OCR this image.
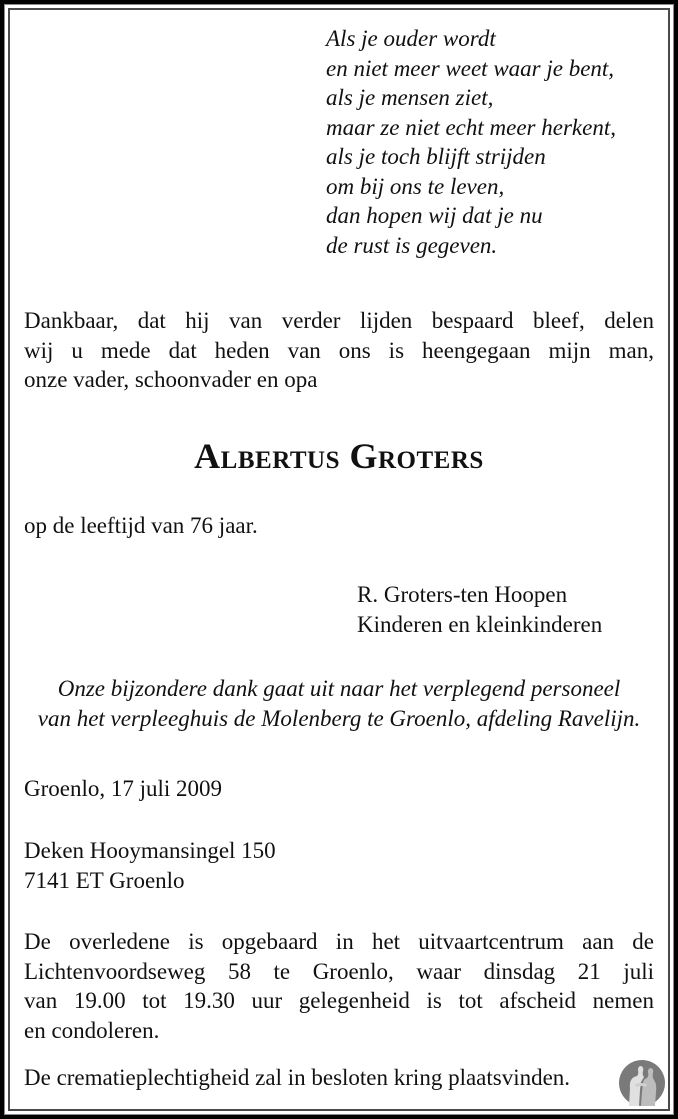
Als je ouder wordt

en niet meer weet waar je bent,

als je mensen ziet,

maar ze niet echt meer herkent,

als je toch blijft strijden

om bij ons te leven,

dan hopen wij dat je nu

de rust is gegeven.

Dankbaar, dat hij van verder lijden bespaard bleef, delen
wij u mede dat heden van ons is heengegaan mijn man,
onze vader, schoonvader en opa
Albertus Groters

op de leeftijd van 76 jaar.

R. Groters-ten Hoopen

Kinderen en kleinkinderen

Onze bijzondere dank gaat uit naar het verplegend personeel
van het verpleeghuis de Molenberg te Groenlo, afdeling Ravelijn.

Groenlo, 17 juli 2009

Deken Hooymansingel 150

7141 ET Groenlo

De overledene is opgebaard in het uitvaartcentrum aan de
Lichtenvoordseweg 58 te Groenlo, waar dinsdag 21 juli
van 19.00 tot 19.30 uur gelegenheid is tot afscheid nemen
en condoleren.

De crematieplechtigheid zal in besloten kring plaatsvinden.
